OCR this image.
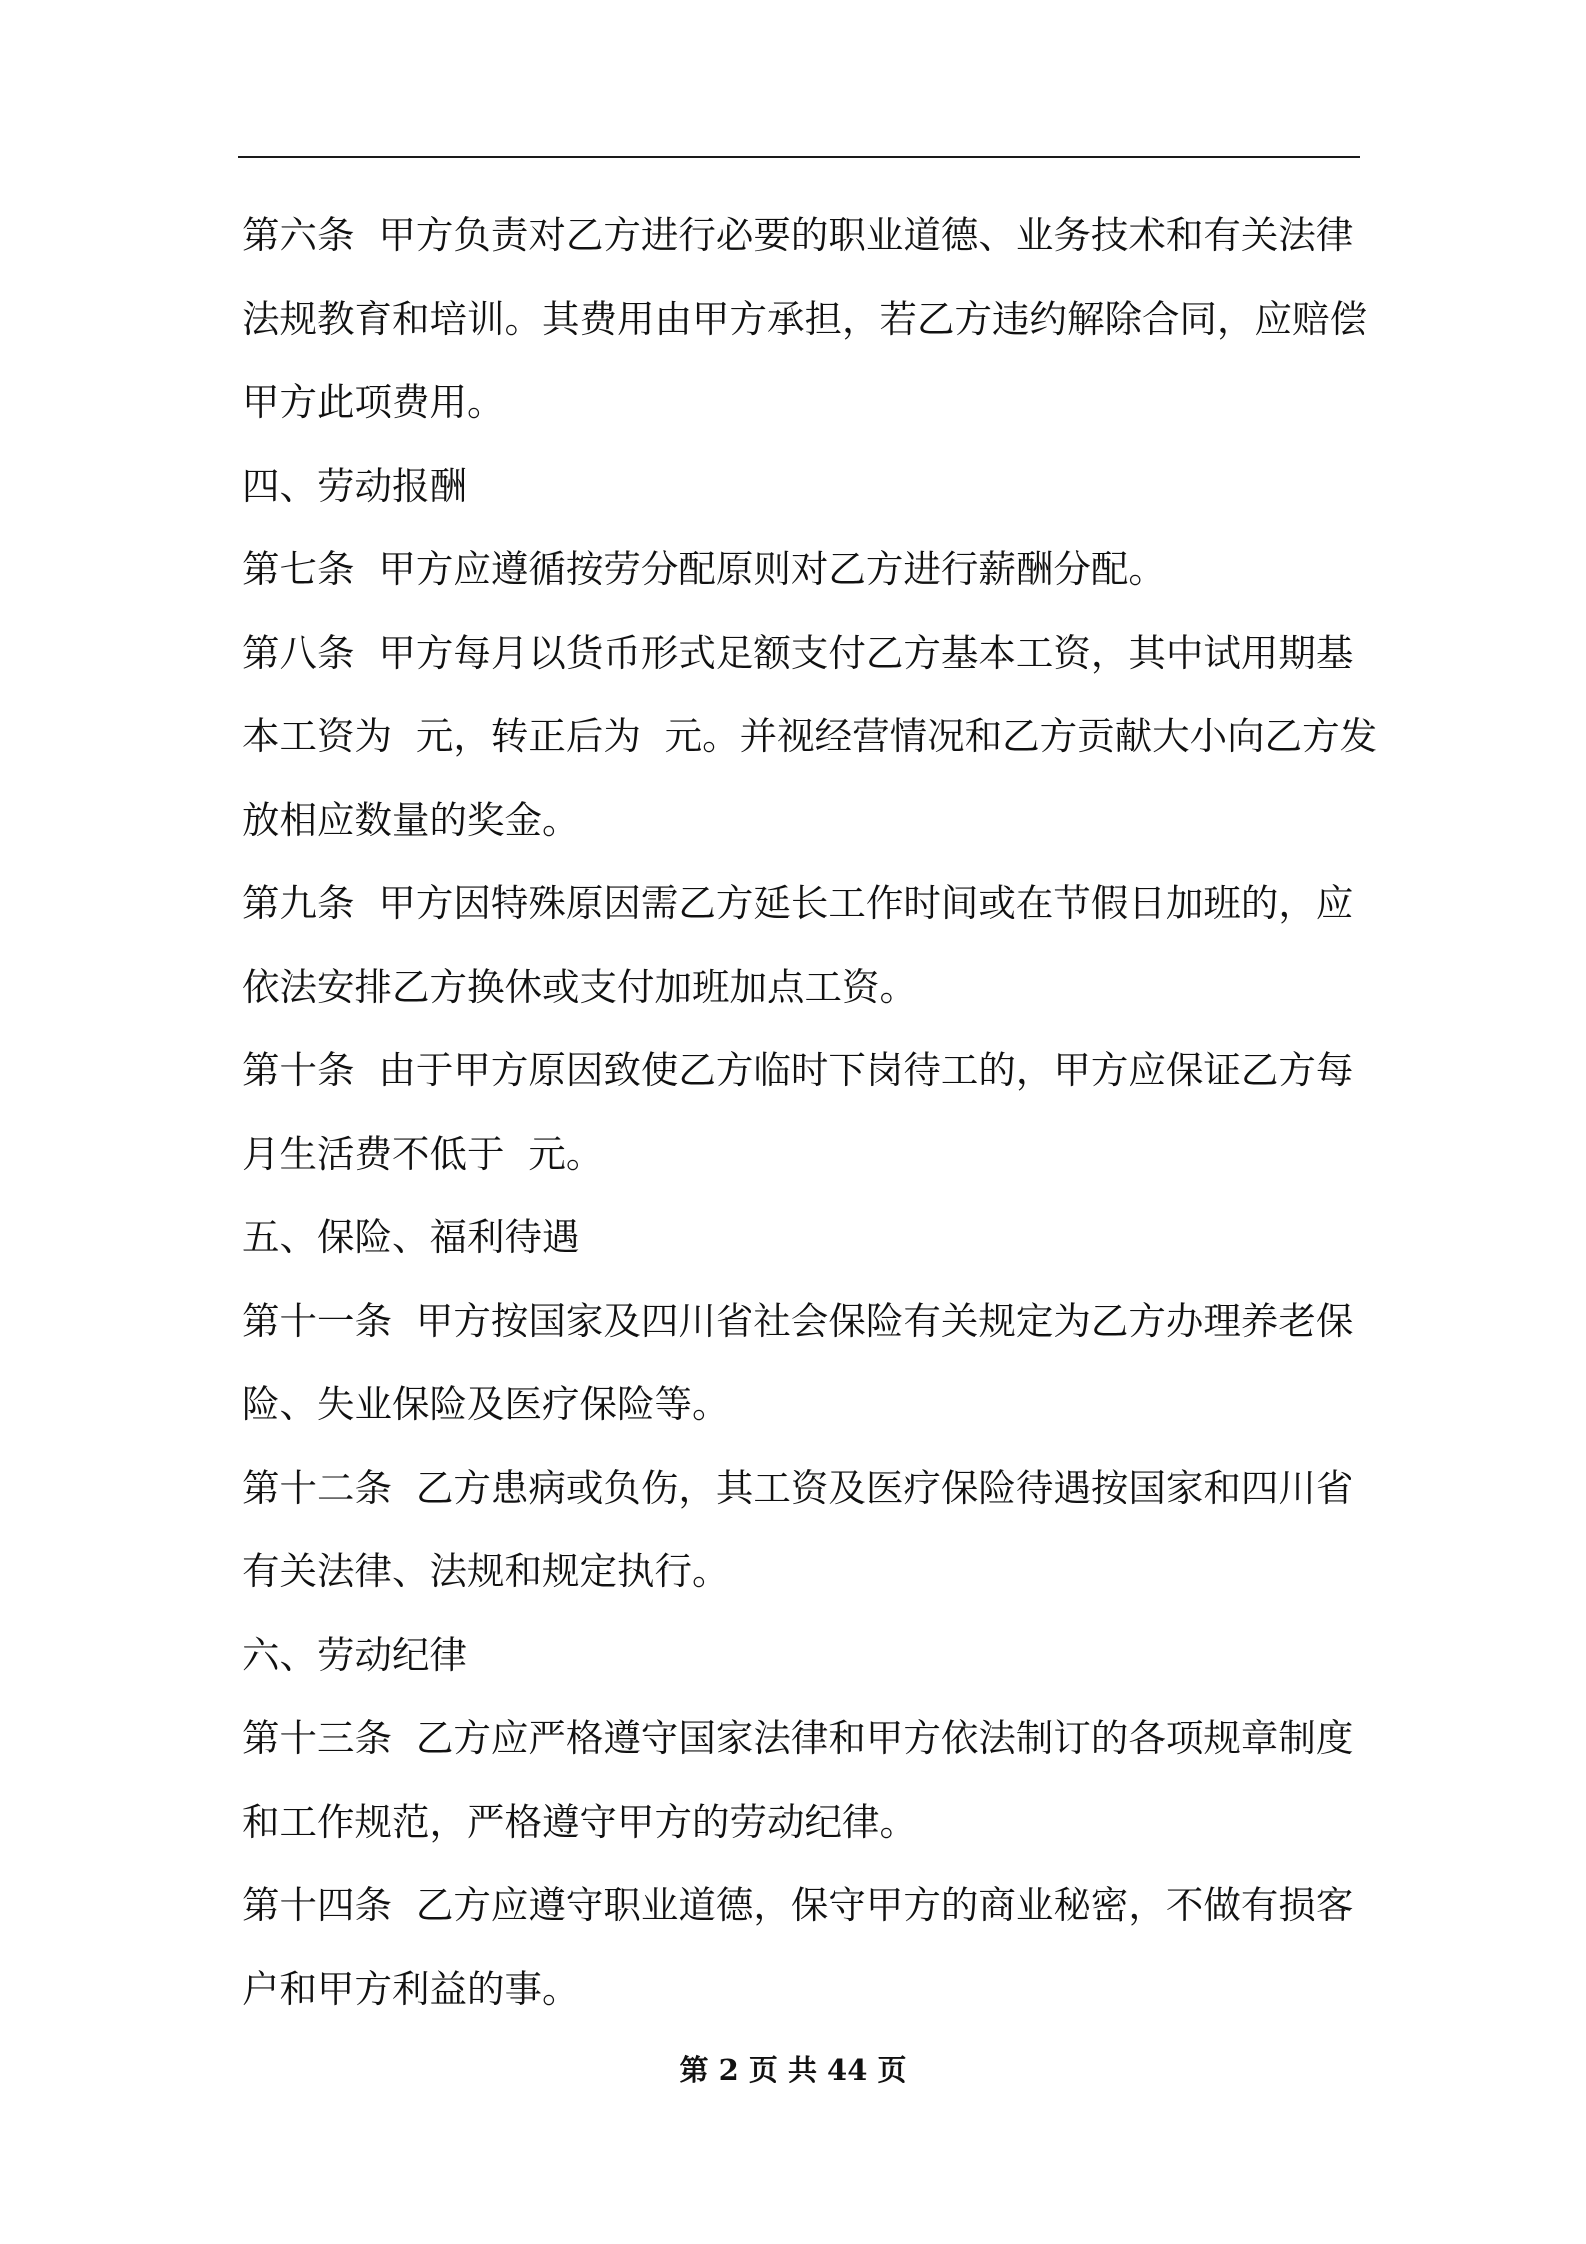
第六条  甲方负责对乙方进行必要的职业道德、业务技术和有关法律
法规教育和培训。其费用由甲方承担，若乙方违约解除合同，应赔偿
甲方此项费用。
四、劳动报酬
第七条  甲方应遵循按劳分配原则对乙方进行薪酬分配。
第八条  甲方每月以货币形式足额支付乙方基本工资，其中试用期基
本工资为  元，转正后为  元。并视经营情况和乙方贡献大小向乙方发
放相应数量的奖金。
第九条  甲方因特殊原因需乙方延长工作时间或在节假日加班的，应
依法安排乙方换休或支付加班加点工资。
第十条  由于甲方原因致使乙方临时下岗待工的，甲方应保证乙方每
月生活费不低于  元。
五、保险、福利待遇
第十一条  甲方按国家及四川省社会保险有关规定为乙方办理养老保
险、失业保险及医疗保险等。
第十二条  乙方患病或负伤，其工资及医疗保险待遇按国家和四川省
有关法律、法规和规定执行。
六、劳动纪律
第十三条  乙方应严格遵守国家法律和甲方依法制订的各项规章制度
和工作规范，严格遵守甲方的劳动纪律。
第十四条  乙方应遵守职业道德，保守甲方的商业秘密，不做有损客
户和甲方利益的事。
第 2 页 共 44 页
